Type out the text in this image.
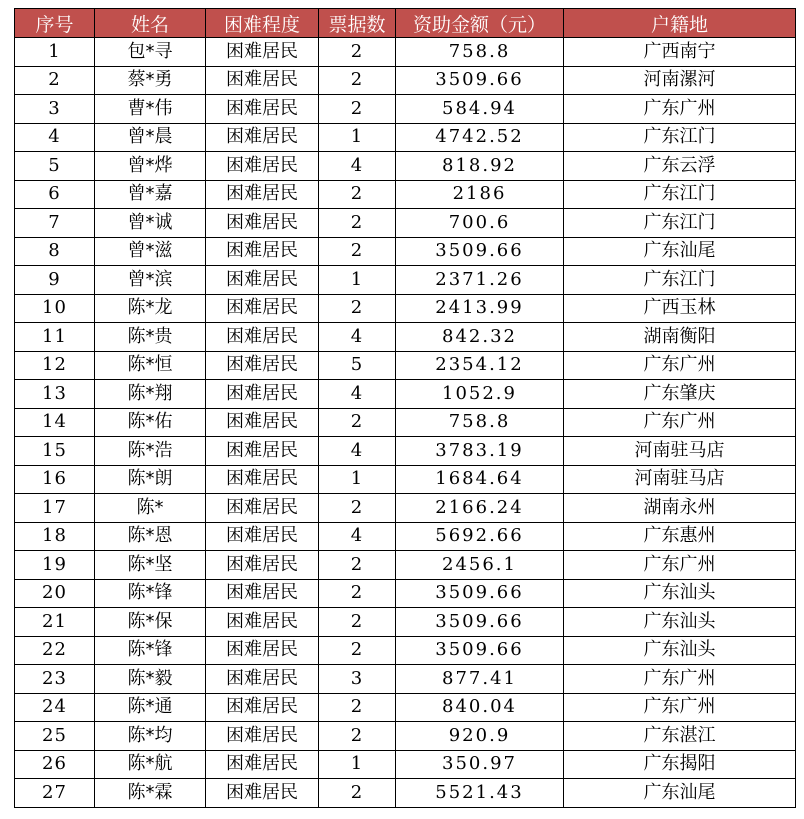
序号	姓名	困难程度	票据数	资助金额（元）	户籍地
1	包*寻	困难居民	2	758.8	广西南宁
2	蔡*勇	困难居民	2	3509.66	河南漯河
3	曹*伟	困难居民	2	584.94	广东广州
4	曾*晨	困难居民	1	4742.52	广东江门
5	曾*烨	困难居民	4	818.92	广东云浮
6	曾*嘉	困难居民	2	2186	广东江门
7	曾*诚	困难居民	2	700.6	广东江门
8	曾*滋	困难居民	2	3509.66	广东汕尾
9	曾*滨	困难居民	1	2371.26	广东江门
10	陈*龙	困难居民	2	2413.99	广西玉林
11	陈*贵	困难居民	4	842.32	湖南衡阳
12	陈*恒	困难居民	5	2354.12	广东广州
13	陈*翔	困难居民	4	1052.9	广东肇庆
14	陈*佑	困难居民	2	758.8	广东广州
15	陈*浩	困难居民	4	3783.19	河南驻马店
16	陈*朗	困难居民	1	1684.64	河南驻马店
17	陈*	困难居民	2	2166.24	湖南永州
18	陈*恩	困难居民	4	5692.66	广东惠州
19	陈*坚	困难居民	2	2456.1	广东广州
20	陈*锋	困难居民	2	3509.66	广东汕头
21	陈*保	困难居民	2	3509.66	广东汕头
22	陈*锋	困难居民	2	3509.66	广东汕头
23	陈*毅	困难居民	3	877.41	广东广州
24	陈*通	困难居民	2	840.04	广东广州
25	陈*均	困难居民	2	920.9	广东湛江
26	陈*航	困难居民	1	350.97	广东揭阳
27	陈*霖	困难居民	2	5521.43	广东汕尾
